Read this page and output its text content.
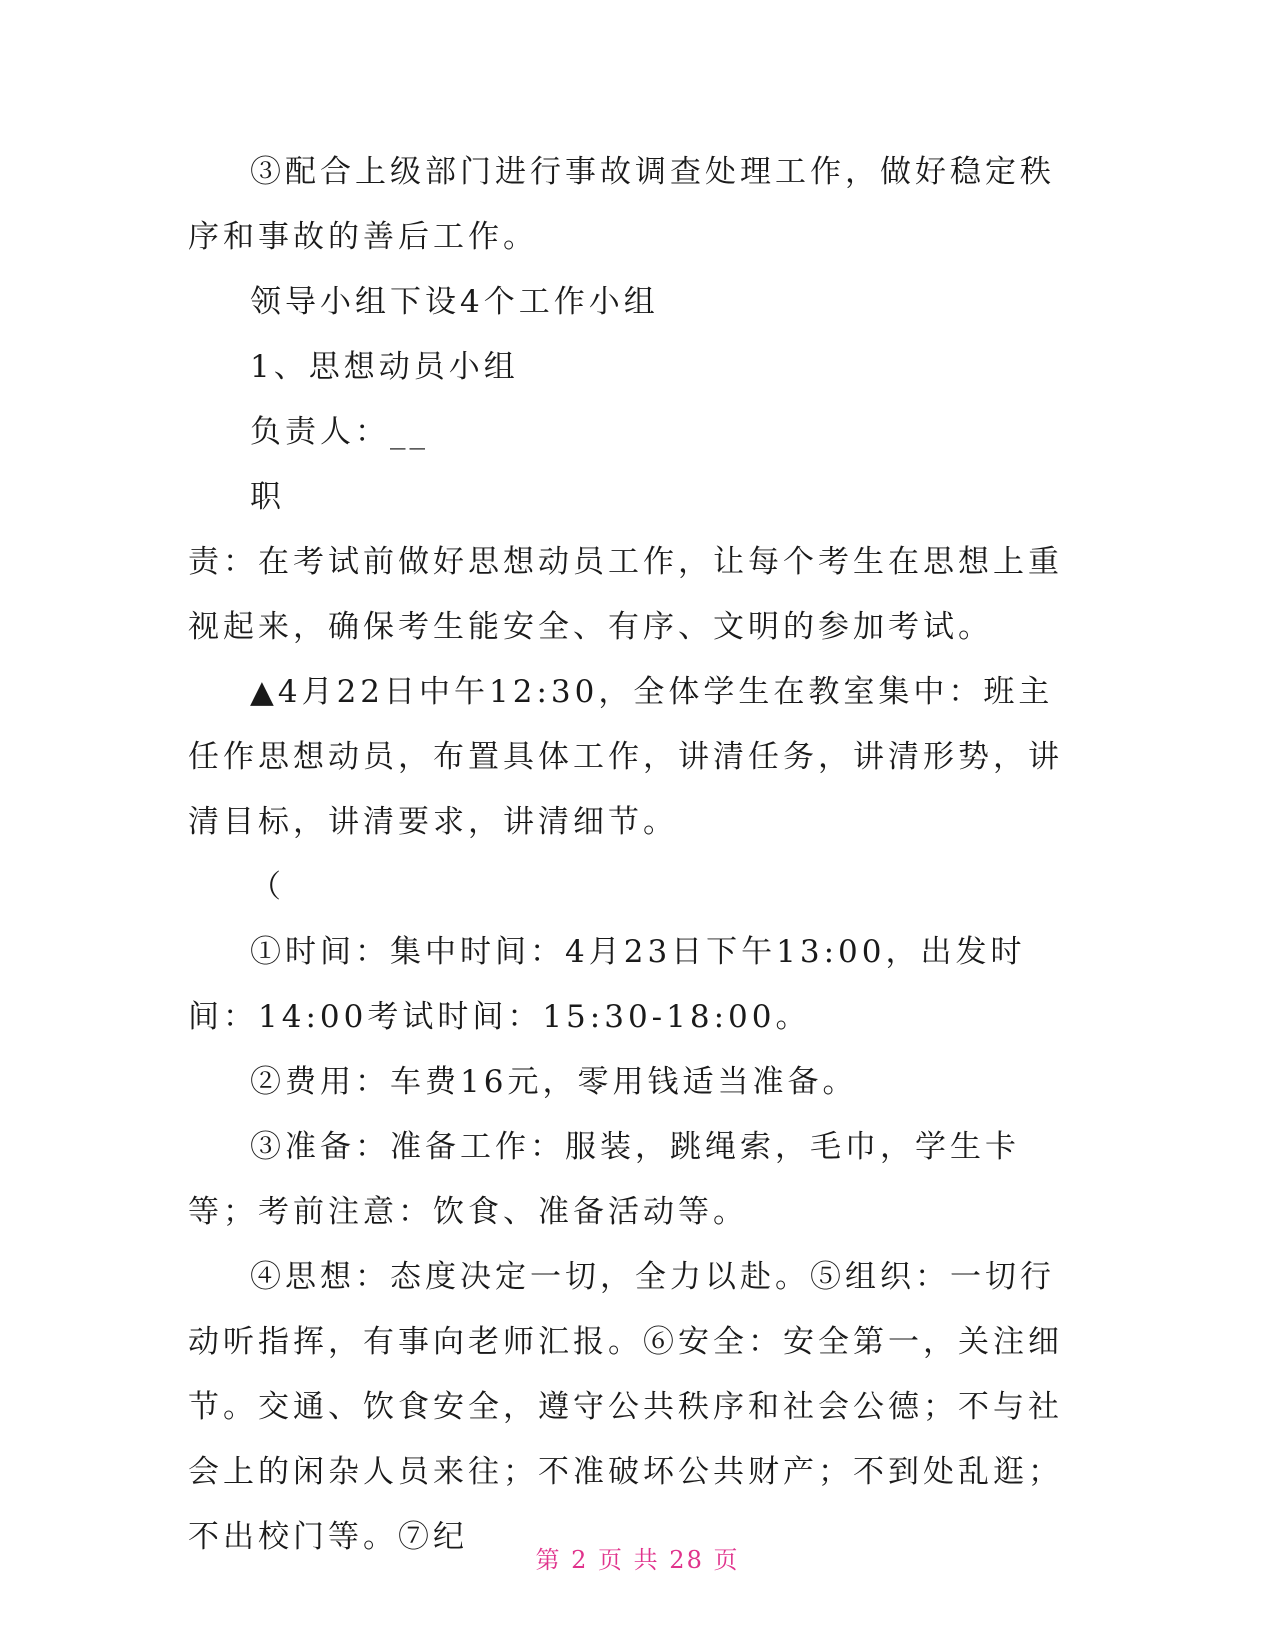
③配合上级部门进行事故调查处理工作，做好稳定秩序和事故的善后工作。

领导小组下设4个工作小组

1、思想动员小组

负责人：__

职

责：在考试前做好思想动员工作，让每个考生在思想上重视起来，确保考生能安全、有序、文明的参加考试。

▲4月22日中午12:30，全体学生在教室集中：班主任作思想动员，布置具体工作，讲清任务，讲清形势，讲清目标，讲清要求，讲清细节。

（

①时间：集中时间：4月23日下午13:00，出发时间：14:00考试时间：15:30-18:00。

②费用：车费16元，零用钱适当准备。

③准备：准备工作：服装，跳绳索，毛巾，学生卡等；考前注意：饮食、准备活动等。

④思想：态度决定一切，全力以赴。⑤组织：一切行动听指挥，有事向老师汇报。⑥安全：安全第一，关注细节。交通、饮食安全，遵守公共秩序和社会公德；不与社会上的闲杂人员来往；不准破坏公共财产；不到处乱逛；不出校门等。⑦纪

第 2 页 共 28 页
